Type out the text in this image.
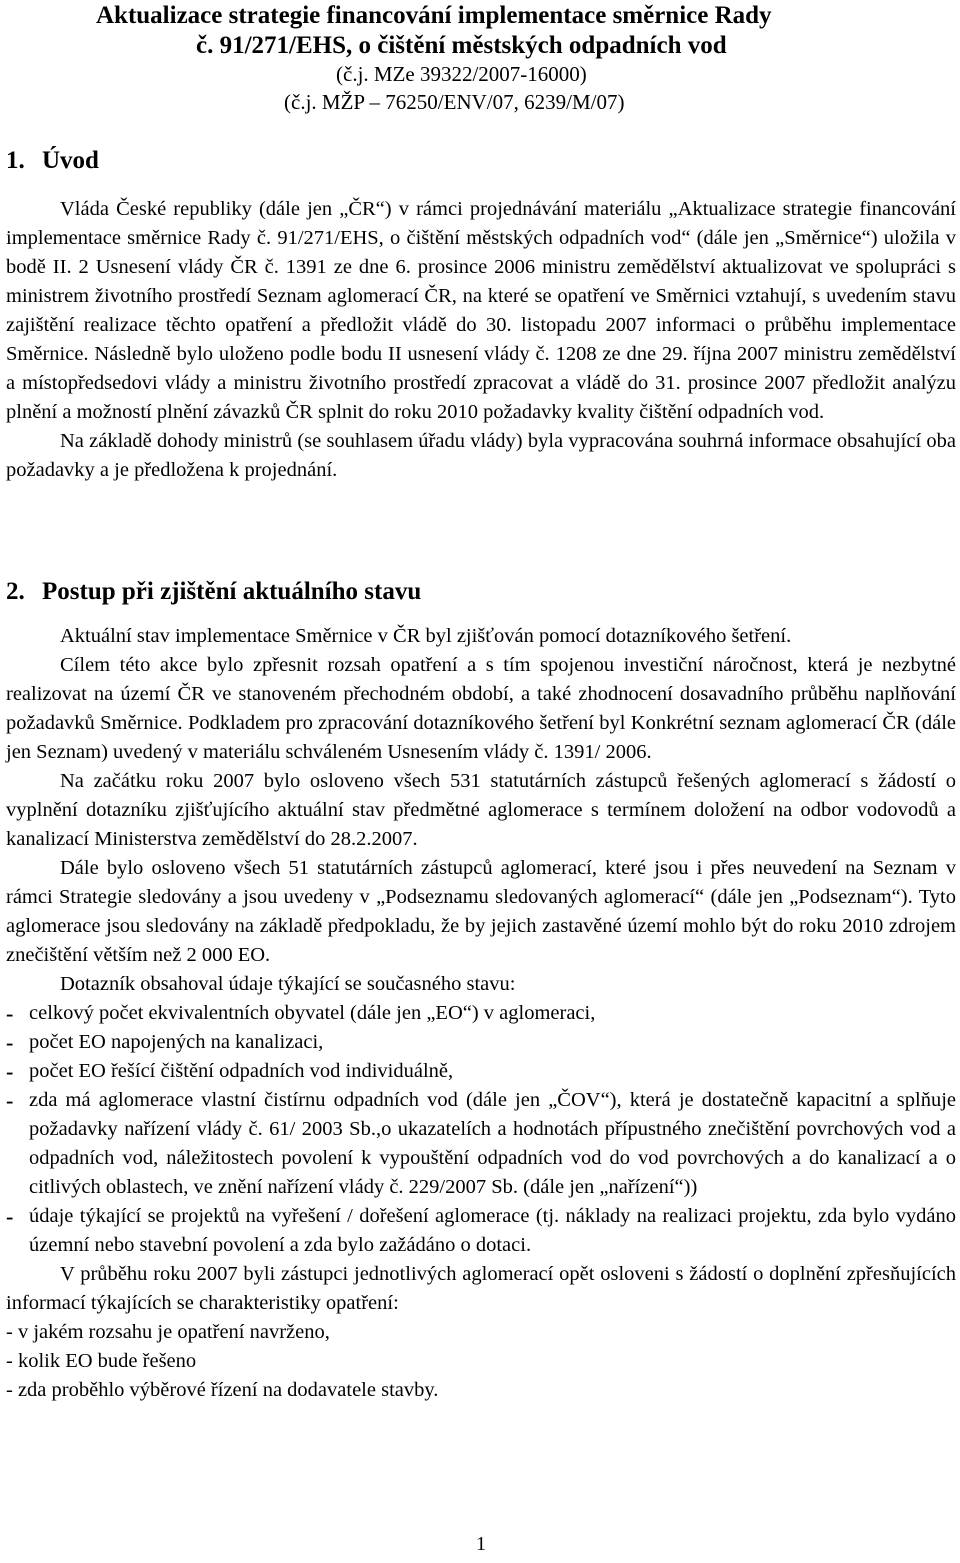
Aktualizace strategie financování implementace směrnice Rady
č. 91/271/EHS, o čištění městských odpadních vod
(č.j. MZe 39322/2007-16000)
(č.j. MŽP – 76250/ENV/07, 6239/M/07)
1. Úvod

Vláda České republiky (dále jen „ČR“) v rámci projednávání materiálu „Aktualizace strategie financování implementace směrnice Rady č. 91/271/EHS, o čištění městských odpadních vod“ (dále jen „Směrnice“) uložila v bodě II. 2 Usnesení vlády ČR č. 1391 ze dne 6. prosince 2006 ministru zemědělství aktualizovat ve spolupráci s ministrem životního prostředí Seznam aglomerací ČR, na které se opatření ve Směrnici vztahují, s uvedením stavu zajištění realizace těchto opatření a předložit vládě do 30. listopadu 2007 informaci o průběhu implementace Směrnice. Následně bylo uloženo podle bodu II usnesení vlády č. 1208 ze dne 29. října 2007 ministru zemědělství a místopředsedovi vlády a ministru životního prostředí zpracovat a vládě do 31. prosince 2007 předložit analýzu plnění a možností plnění závazků ČR splnit do roku 2010 požadavky kvality čištění odpadních vod.

Na základě dohody ministrů (se souhlasem úřadu vlády) byla vypracována souhrná informace obsahující oba požadavky a je předložena k projednání.

2. Postup při zjištění aktuálního stavu

Aktuální stav implementace Směrnice v ČR byl zjišťován pomocí dotazníkového šetření.

Cílem této akce bylo zpřesnit rozsah opatření a s tím spojenou investiční náročnost, která je nezbytné realizovat na území ČR ve stanoveném přechodném období, a také zhodnocení dosavadního průběhu naplňování požadavků Směrnice. Podkladem pro zpracování dotazníkového šetření byl Konkrétní seznam aglomerací ČR (dále jen Seznam) uvedený v materiálu schváleném Usnesením vlády č. 1391/ 2006.

Na začátku roku 2007 bylo osloveno všech 531 statutárních zástupců řešených aglomerací s žádostí o vyplnění dotazníku zjišťujícího aktuální stav předmětné aglomerace s termínem doložení na odbor vodovodů a kanalizací Ministerstva zemědělství do 28.2.2007.

Dále bylo osloveno všech 51 statutárních zástupců aglomerací, které jsou i přes neuvedení na Seznam v rámci Strategie sledovány a jsou uvedeny v „Podseznamu sledovaných aglomerací“ (dále jen „Podseznam“). Tyto aglomerace jsou sledovány na základě předpokladu, že by jejich zastavěné území mohlo být do roku 2010 zdrojem znečištění větším než 2 000 EO.

Dotazník obsahoval údaje týkající se současného stavu:

- celkový počet ekvivalentních obyvatel (dále jen „EO“) v aglomeraci,
- počet EO napojených na kanalizaci,
- počet EO řešící čištění odpadních vod individuálně,
- zda má aglomerace vlastní čistírnu odpadních vod (dále jen „ČOV“), která je dostatečně kapacitní a splňuje požadavky nařízení vlády č. 61/ 2003 Sb.,o ukazatelích a hodnotách přípustného znečištění povrchových vod a odpadních vod, náležitostech povolení k vypouštění odpadních vod do vod povrchových a do kanalizací a o citlivých oblastech, ve znění nařízení vlády č. 229/2007 Sb. (dále jen „nařízení“))
- údaje týkající se projektů na vyřešení / dořešení aglomerace (tj. náklady na realizaci projektu, zda bylo vydáno územní nebo stavební povolení a zda bylo zažádáno o dotaci.

V průběhu roku 2007 byli zástupci jednotlivých aglomerací opět osloveni s žádostí o doplnění zpřesňujících informací týkajících se charakteristiky opatření:

- v jakém rozsahu je opatření navrženo,
- kolik EO bude řešeno
- zda proběhlo výběrové řízení na dodavatele stavby.
1
